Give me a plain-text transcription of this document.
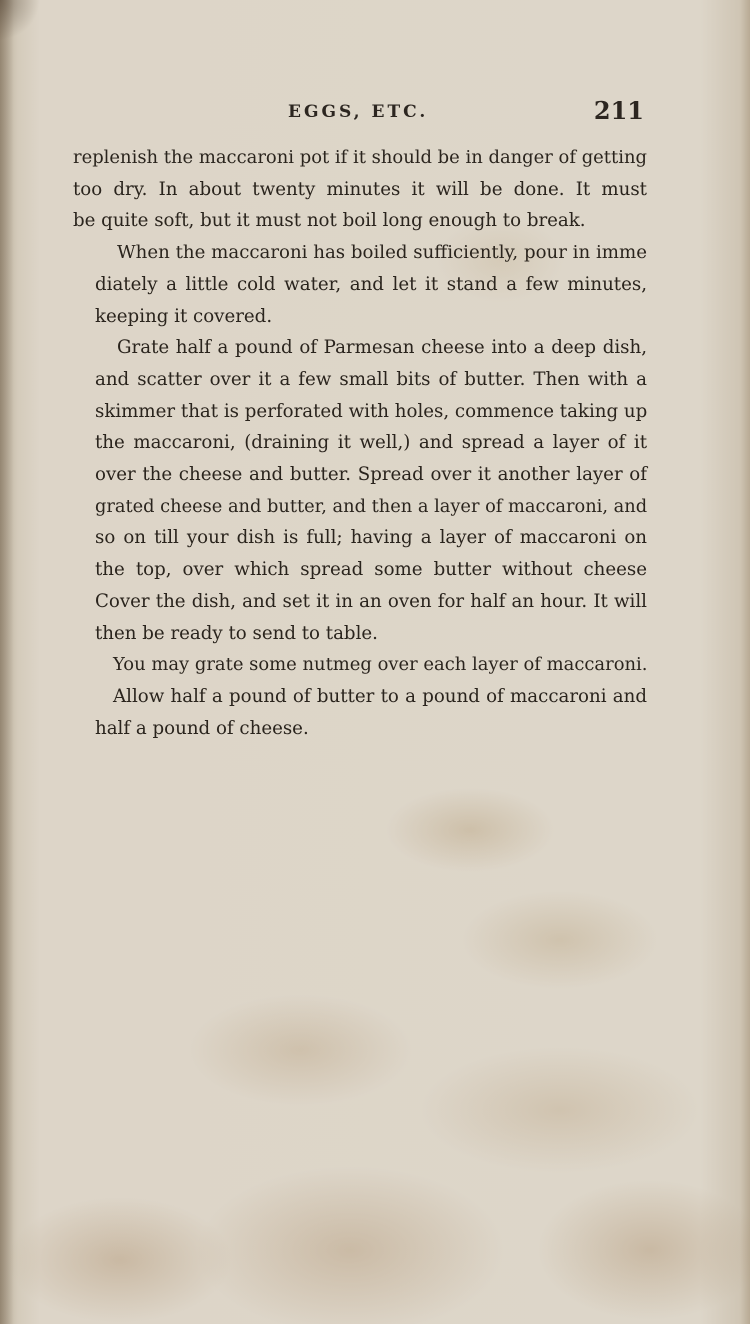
EGGS, ETC.	211

replenish the maccaroni pot if it should be in danger of getting
too dry. In about twenty minutes it will be done. It must
be quite soft, but it must not boil long enough to break.

When the maccaroni has boiled sufficiently, pour in imme
diately a little cold water, and let it stand a few minutes,
keeping it covered.

Grate half a pound of Parmesan cheese into a deep dish,
and scatter over it a few small bits of butter. Then with a
skimmer that is perforated with holes, commence taking up
the maccaroni, (draining it well,) and spread a layer of it
over the cheese and butter. Spread over it another layer of
grated cheese and butter, and then a layer of maccaroni, and
so on till your dish is full; having a layer of maccaroni on
the top, over which spread some butter without cheese
Cover the dish, and set it in an oven for half an hour. It will
then be ready to send to table.

You may grate some nutmeg over each layer of maccaroni.

Allow half a pound of butter to a pound of maccaroni and
half a pound of cheese.
